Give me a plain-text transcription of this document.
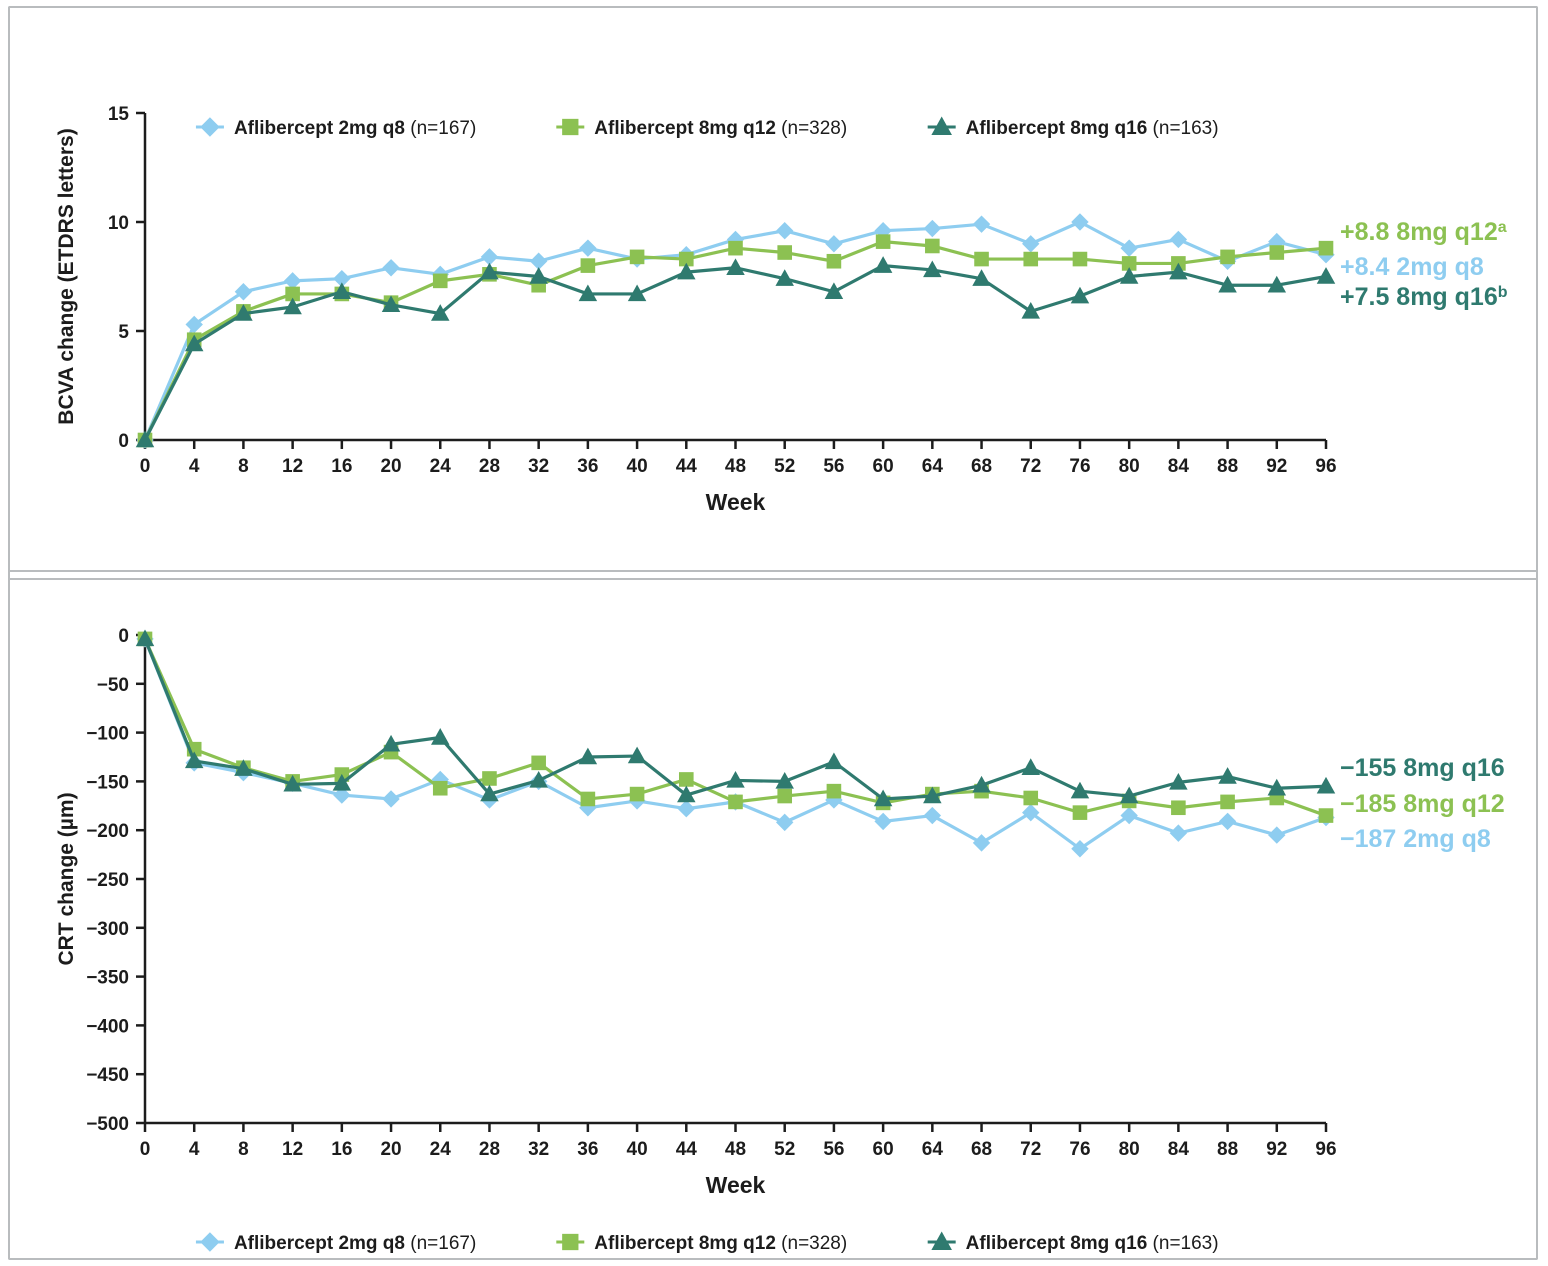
0
5
10
15
0 4 8 12 16 20 24 28 32 36 40 44 48 52 56 60 64 68 72 76 80 84 88 92 96
Week
BCVA change (ETDRS letters)	+8.8 8mg $q12^a$
+8.4 2mg q8
+7.5 8mg q16$^b$
Aflibercept 2mg q8 (n=167)	Aflibercept 8mg q12 (n=328)	Aflibercept 8mg q16 (n=163)
0
−50
−100
−150
−200
−250
−300
−350
−400
−450
−500
0 4 8 12 16 20 24 28 32 36 40 44 48 52 56 60 64 68 72 76 80 84 88 92 96
Week
CRT change (µm)
−155 8mg q16
−185 8mg q12
−187 2mg q8
Aflibercept 2mg q8 (n=167)	Aflibercept 8mg q12 (n=328)	Aflibercept 8mg q16 (n=163)
